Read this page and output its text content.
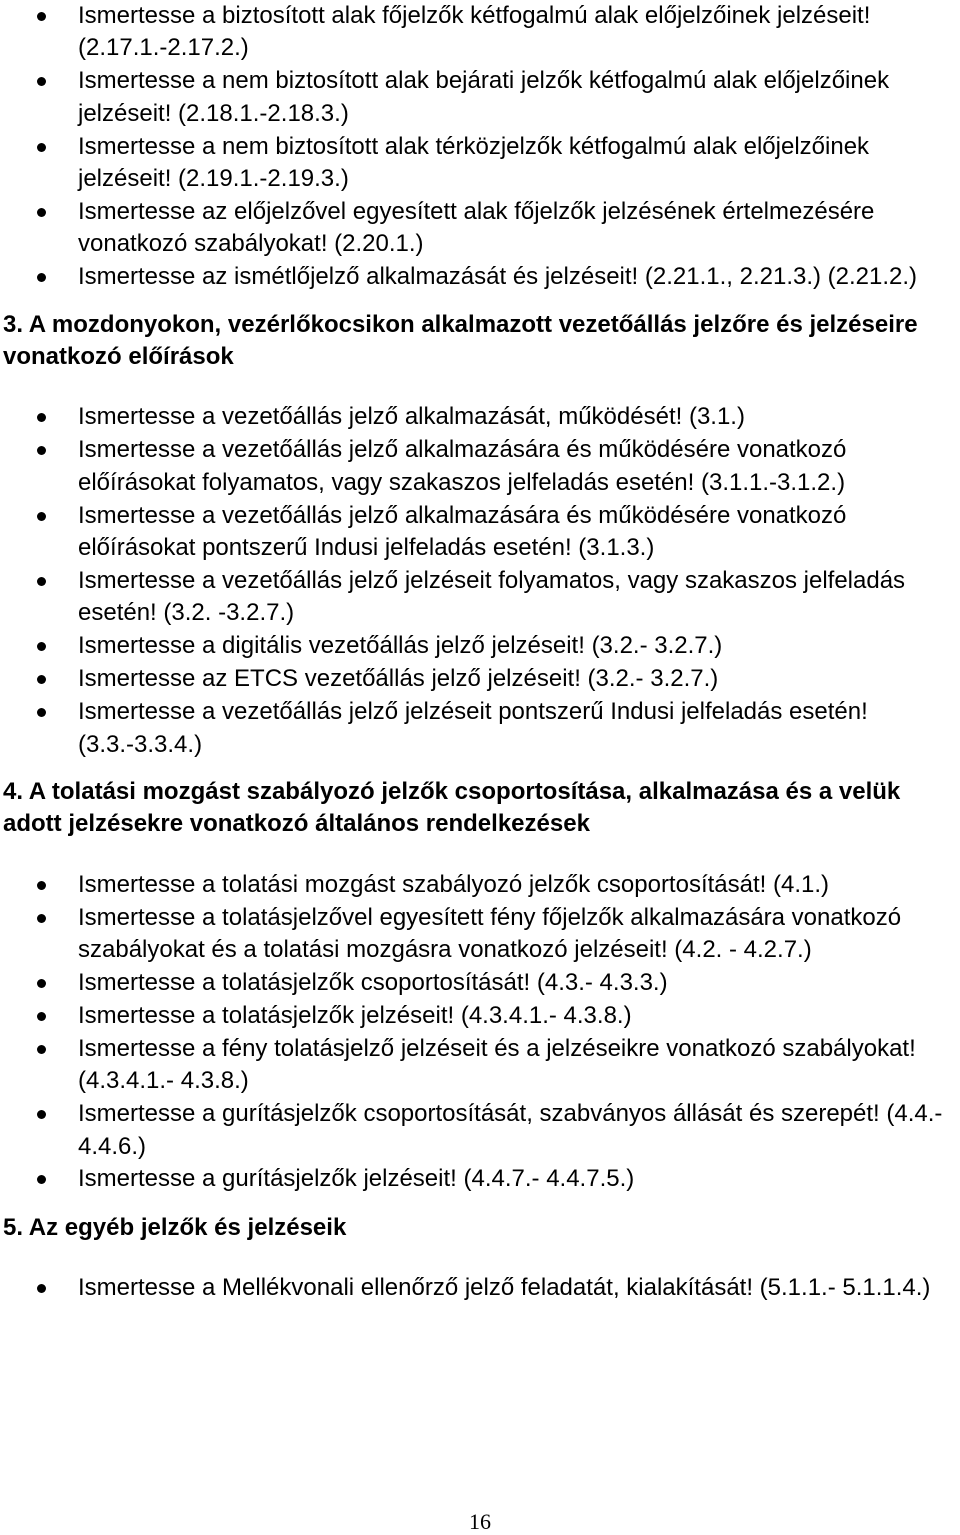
Ismertesse a biztosított alak főjelzők kétfogalmú alak előjelzőinek jelzéseit! (2.17.1.-2.17.2.)
Ismertesse a nem biztosított alak bejárati jelzők kétfogalmú alak előjelzőinek jelzéseit! (2.18.1.-2.18.3.)
Ismertesse a nem biztosított alak térközjelzők kétfogalmú alak előjelzőinek jelzéseit! (2.19.1.-2.19.3.)
Ismertesse az előjelzővel egyesített alak főjelzők jelzésének értelmezésére vonatkozó szabályokat! (2.20.1.)
Ismertesse az ismétlőjelző alkalmazását és jelzéseit! (2.21.1., 2.21.3.) (2.21.2.)
3. A mozdonyokon, vezérlőkocsikon alkalmazott vezetőállás jelzőre és jelzéseire vonatkozó előírások
Ismertesse a vezetőállás jelző alkalmazását, működését! (3.1.)
Ismertesse a vezetőállás jelző alkalmazására és működésére vonatkozó előírásokat folyamatos, vagy szakaszos jelfeladás esetén! (3.1.1.-3.1.2.)
Ismertesse a vezetőállás jelző alkalmazására és működésére vonatkozó előírásokat pontszerű Indusi jelfeladás esetén! (3.1.3.)
Ismertesse a vezetőállás jelző jelzéseit folyamatos, vagy szakaszos jelfeladás esetén! (3.2. -3.2.7.)
Ismertesse a digitális vezetőállás jelző jelzéseit! (3.2.- 3.2.7.)
Ismertesse az ETCS vezetőállás jelző jelzéseit! (3.2.- 3.2.7.)
Ismertesse a vezetőállás jelző jelzéseit pontszerű Indusi jelfeladás esetén! (3.3.-3.3.4.)
4. A tolatási mozgást szabályozó jelzők csoportosítása, alkalmazása és a velük adott jelzésekre vonatkozó általános rendelkezések
Ismertesse a tolatási mozgást szabályozó jelzők csoportosítását! (4.1.)
Ismertesse a tolatásjelzővel egyesített fény főjelzők alkalmazására vonatkozó szabályokat és a tolatási mozgásra vonatkozó jelzéseit! (4.2. - 4.2.7.)
Ismertesse a tolatásjelzők csoportosítását! (4.3.- 4.3.3.)
Ismertesse a tolatásjelzők jelzéseit! (4.3.4.1.- 4.3.8.)
Ismertesse a fény tolatásjelző jelzéseit és a jelzéseikre vonatkozó szabályokat! (4.3.4.1.- 4.3.8.)
Ismertesse a gurításjelzők csoportosítását, szabványos állását és szerepét! (4.4.- 4.4.6.)
Ismertesse a gurításjelzők jelzéseit! (4.4.7.- 4.4.7.5.)
5. Az egyéb jelzők és jelzéseik
Ismertesse a Mellékvonali ellenőrző jelző feladatát, kialakítását! (5.1.1.- 5.1.1.4.)
16
